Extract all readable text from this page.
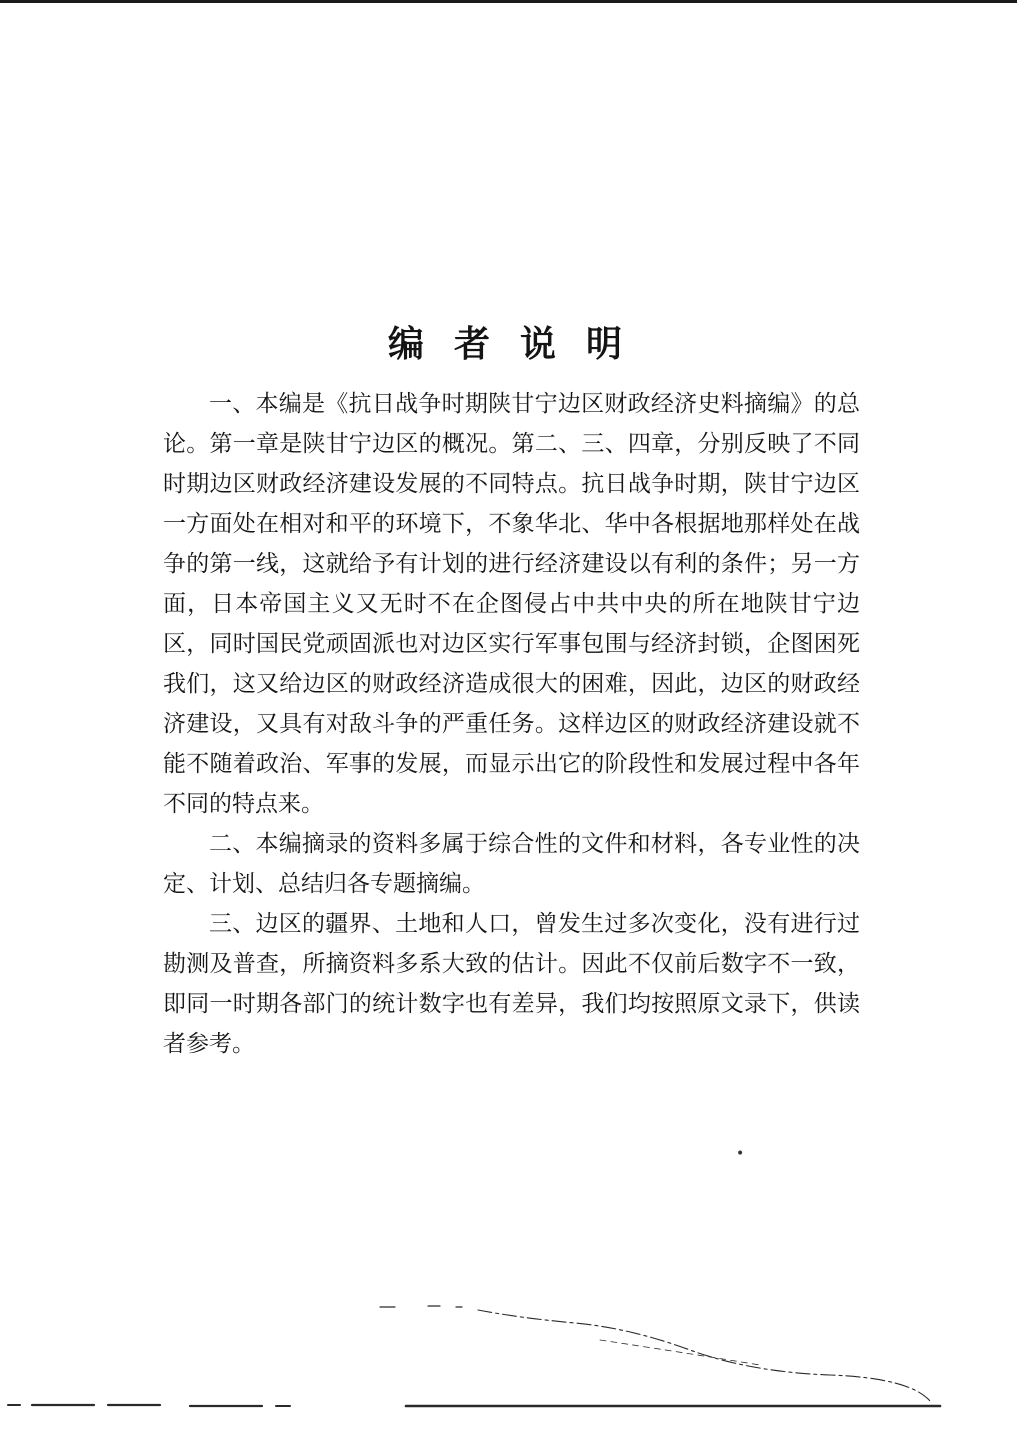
编者说明

一、本编是《抗日战争时期陕甘宁边区财政经济史料摘编》的总论。第一章是陕甘宁边区的概况。第二、三、四章，分别反映了不同时期边区财政经济建设发展的不同特点。抗日战争时期，陕甘宁边区一方面处在相对和平的环境下，不象华北、华中各根据地那样处在战争的第一线，这就给予有计划的进行经济建设以有利的条件；另一方面，日本帝国主义又无时不在企图侵占中共中央的所在地陕甘宁边区，同时国民党顽固派也对边区实行军事包围与经济封锁，企图困死我们，这又给边区的财政经济造成很大的困难，因此，边区的财政经济建设，又具有对敌斗争的严重任务。这样边区的财政经济建设就不能不随着政治、军事的发展，而显示出它的阶段性和发展过程中各年不同的特点来。

二、本编摘录的资料多属于综合性的文件和材料，各专业性的决定、计划、总结归各专题摘编。

三、边区的疆界、土地和人口，曾发生过多次变化，没有进行过勘测及普查，所摘资料多系大致的估计。因此不仅前后数字不一致，即同一时期各部门的统计数字也有差异，我们均按照原文录下，供读者参考。

•
